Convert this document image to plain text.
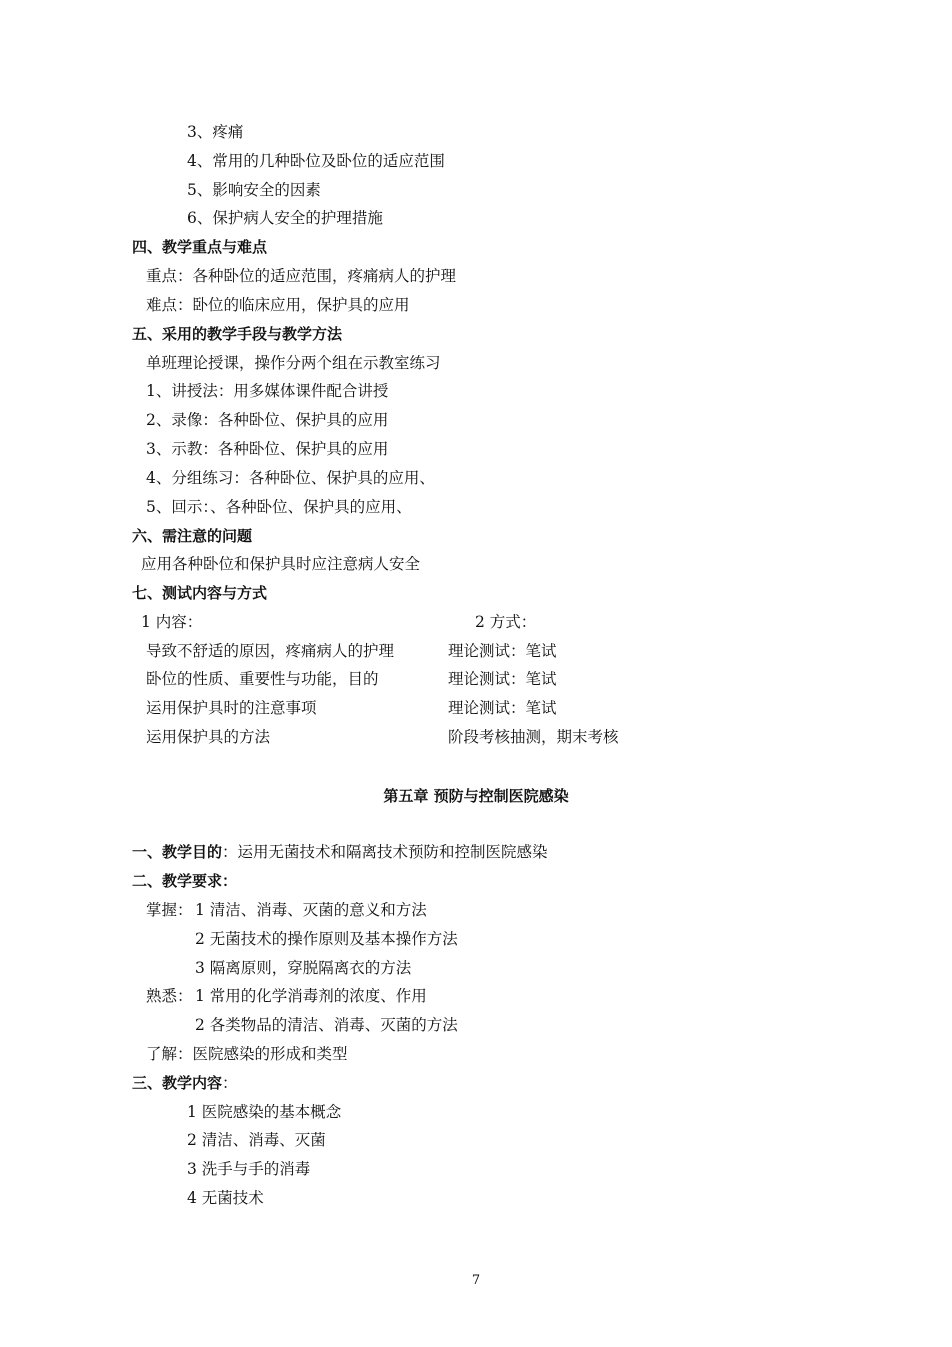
3、疼痛
4、常用的几种卧位及卧位的适应范围
5、影响安全的因素
6、保护病人安全的护理措施
四、教学重点与难点
重点：各种卧位的适应范围，疼痛病人的护理
难点：卧位的临床应用，保护具的应用
五、采用的教学手段与教学方法
单班理论授课，操作分两个组在示教室练习
1、讲授法：用多媒体课件配合讲授
2、录像：各种卧位、保护具的应用
3、示教：各种卧位、保护具的应用
4、分组练习：各种卧位、保护具的应用、
5、回示：、各种卧位、保护具的应用、
六、需注意的问题
应用各种卧位和保护具时应注意病人安全
七、测试内容与方式
1 内容：	2 方式：
导致不舒适的原因，疼痛病人的护理	理论测试：笔试
卧位的性质、重要性与功能，目的	理论测试：笔试
运用保护具时的注意事项	理论测试：笔试
运用保护具的方法	阶段考核抽测，期末考核
第五章 预防与控制医院感染
一、教学目的：运用无菌技术和隔离技术预防和控制医院感染
二、教学要求：
掌握： 1 清洁、消毒、灭菌的意义和方法
2 无菌技术的操作原则及基本操作方法
3 隔离原则，穿脱隔离衣的方法
熟悉： 1 常用的化学消毒剂的浓度、作用
2 各类物品的清洁、消毒、灭菌的方法
了解：医院感染的形成和类型
三、教学内容：
1 医院感染的基本概念
2 清洁、消毒、灭菌
3 洗手与手的消毒
4 无菌技术
7
